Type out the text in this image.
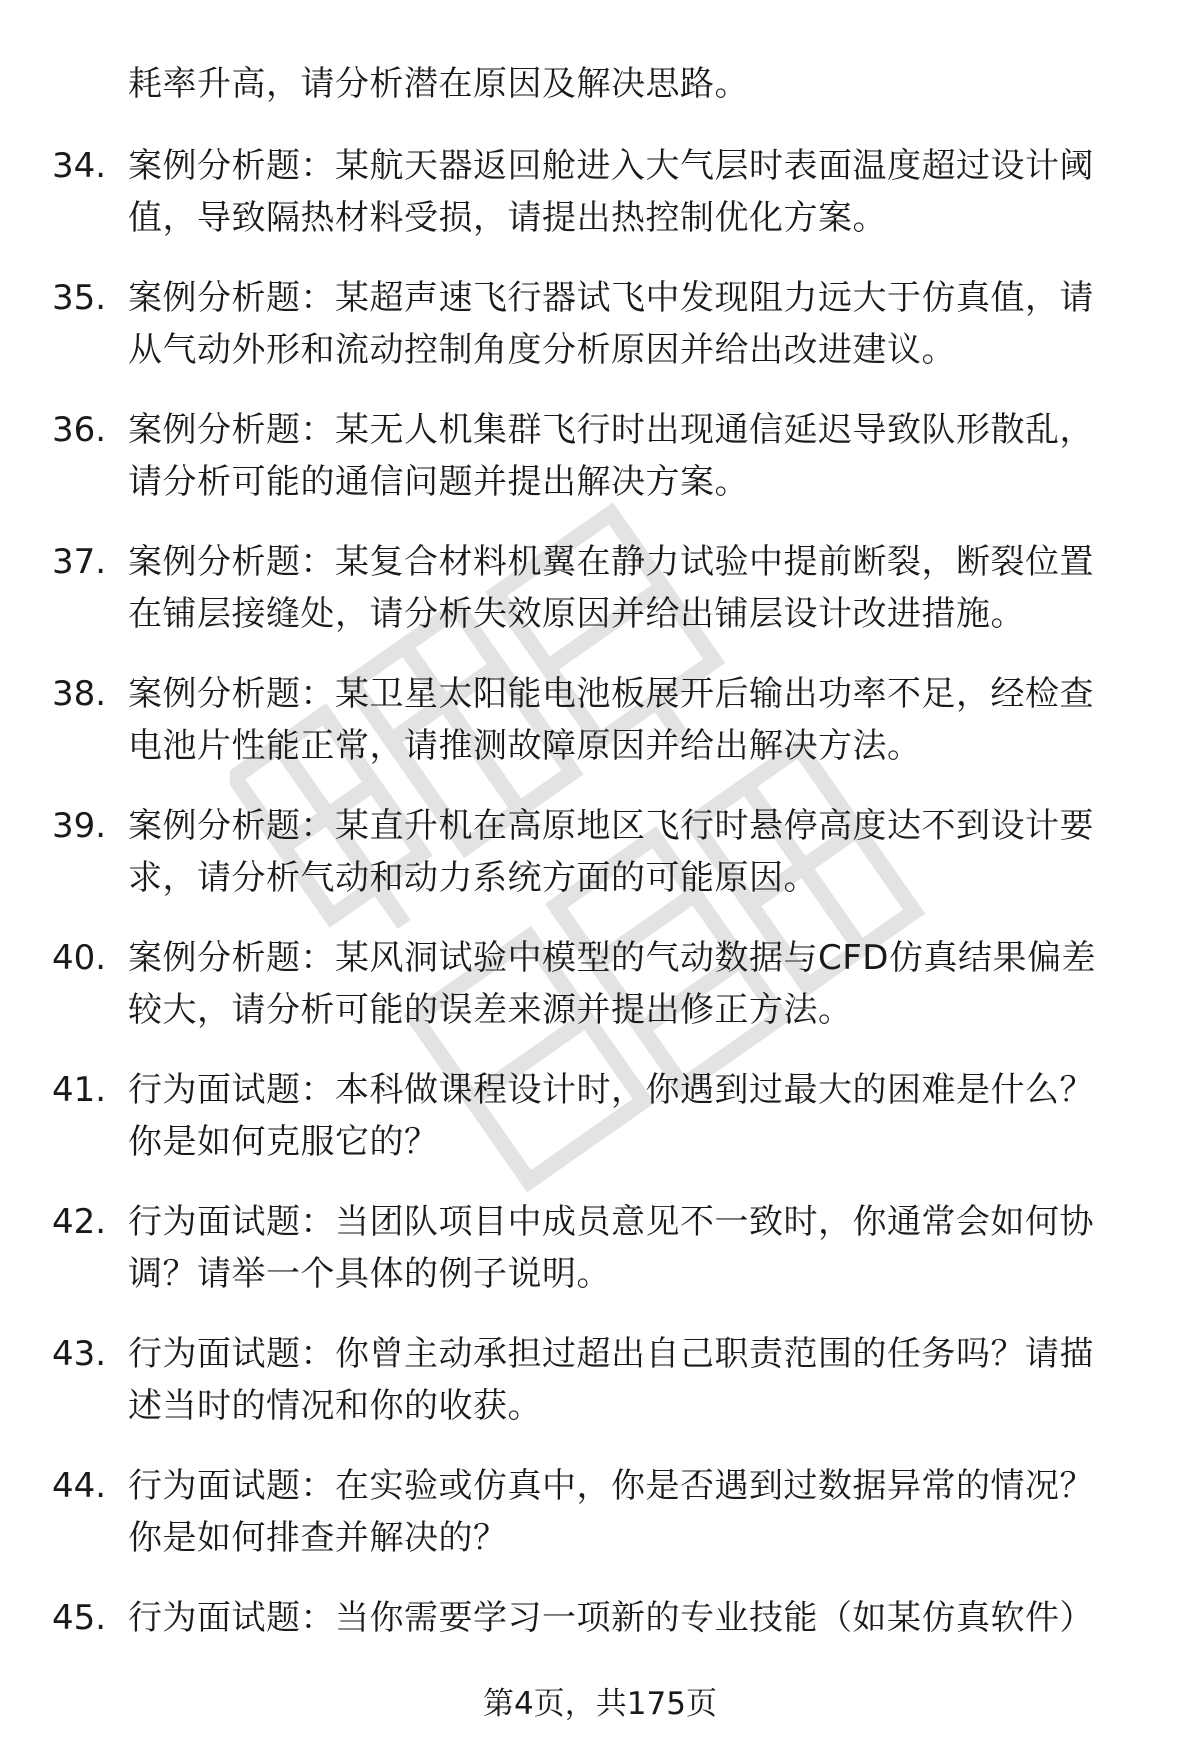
耗率升高，请分析潜在原因及解决思路。
34. 案例分析题：某航天器返回舱进入大气层时表面温度超过设计阈
值，导致隔热材料受损，请提出热控制优化方案。
35. 案例分析题：某超声速飞行器试飞中发现阻力远大于仿真值，请
从气动外形和流动控制角度分析原因并给出改进建议。
36. 案例分析题：某无人机集群飞行时出现通信延迟导致队形散乱，
请分析可能的通信问题并提出解决方案。
37. 案例分析题：某复合材料机翼在静力试验中提前断裂，断裂位置
在铺层接缝处，请分析失效原因并给出铺层设计改进措施。
38. 案例分析题：某卫星太阳能电池板展开后输出功率不足，经检查
电池片性能正常，请推测故障原因并给出解决方法。
39. 案例分析题：某直升机在高原地区飞行时悬停高度达不到设计要
求，请分析气动和动力系统方面的可能原因。
40. 案例分析题：某风洞试验中模型的气动数据与CFD仿真结果偏差
较大，请分析可能的误差来源并提出修正方法。
41. 行为面试题：本科做课程设计时，你遇到过最大的困难是什么？
你是如何克服它的？
42. 行为面试题：当团队项目中成员意见不一致时，你通常会如何协
调？请举一个具体的例子说明。
43. 行为面试题：你曾主动承担过超出自己职责范围的任务吗？请描
述当时的情况和你的收获。
44. 行为面试题：在实验或仿真中，你是否遇到过数据异常的情况？
你是如何排查并解决的？
45. 行为面试题：当你需要学习一项新的专业技能（如某仿真软件）
第4页，共175页
